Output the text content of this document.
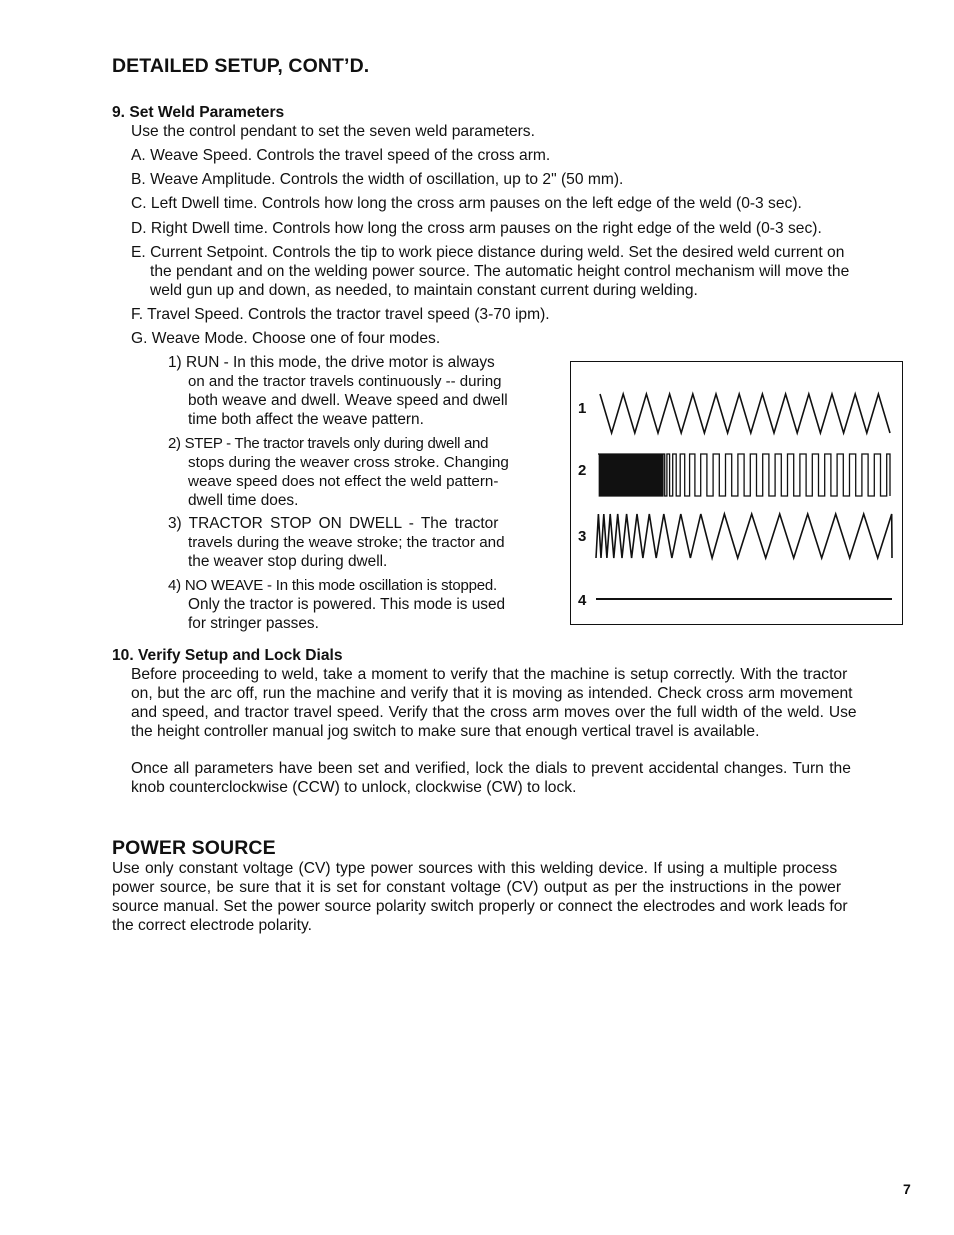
DETAILED SETUP, CONT’D.
9. Set Weld Parameters
Use the control pendant to set the seven weld parameters.
A. Weave Speed. Controls the travel speed of the cross arm.
B. Weave Amplitude. Controls the width of oscillation, up to 2" (50 mm).
C. Left Dwell time. Controls how long the cross arm pauses on the left edge of the weld (0-3 sec).
D. Right Dwell time. Controls how long the cross arm pauses on the right edge of the weld (0-3 sec).
E. Current Setpoint. Controls the tip to work piece distance during weld. Set the desired weld current on
the pendant and on the welding power source. The automatic height control mechanism will move the
weld gun up and down, as needed, to maintain constant current during welding.
F. Travel Speed. Controls the tractor travel speed (3-70 ipm).
G. Weave Mode. Choose one of four modes.
1) RUN - In this mode, the drive motor is always
on and the tractor travels continuously -- during
both weave and dwell. Weave speed and dwell
time both affect the weave pattern.
2) STEP - The tractor travels only during dwell and
stops during the weaver cross stroke. Changing
weave speed does not effect the weld pattern-
dwell time does.
3) TRACTOR STOP ON DWELL - The tractor
travels during the weave stroke; the tractor and
the weaver stop during dwell.
4) NO WEAVE - In this mode oscillation is stopped.
Only the tractor is powered. This mode is used
for stringer passes.
1
2
3
4
10. Verify Setup and Lock Dials
Before proceeding to weld, take a moment to verify that the machine is setup correctly. With the tractor
on, but the arc off, run the machine and verify that it is moving as intended. Check cross arm movement
and speed, and tractor travel speed. Verify that the cross arm moves over the full width of the weld. Use
the height controller manual jog switch to make sure that enough vertical travel is available.
Once all parameters have been set and verified, lock the dials to prevent accidental changes. Turn the
knob counterclockwise (CCW) to unlock, clockwise (CW) to lock.
POWER SOURCE
Use only constant voltage (CV) type power sources with this welding device. If using a multiple process
power source, be sure that it is set for constant voltage (CV) output as per the instructions in the power
source manual. Set the power source polarity switch properly or connect the electrodes and work leads for
the correct electrode polarity.
7
